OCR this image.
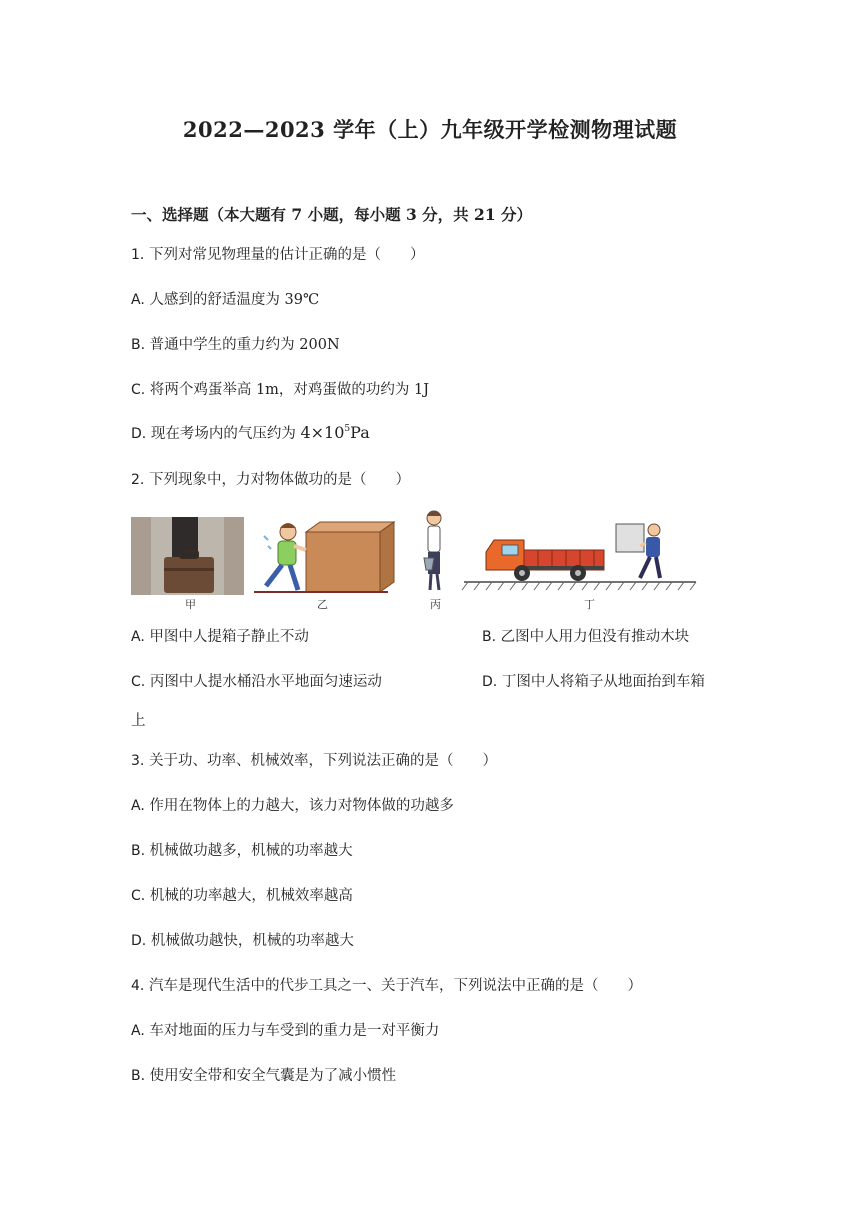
2022—2023 学年（上）九年级开学检测物理试题
一、选择题（本大题有 7 小题，每小题 3 分，共 21 分）
1. 下列对常见物理量的估计正确的是（　　）
A. 人感到的舒适温度为 39℃
B. 普通中学生的重力约为 200N
C. 将两个鸡蛋举高 1m，对鸡蛋做的功约为 1J
D. 现在考场内的气压约为 $4\times 10^5Pa$
2. 下列现象中，力对物体做功的是（　　）
甲	乙	丙	丁
A. 甲图中人提箱子静止不动	B. 乙图中人用力但没有推动木块
C. 丙图中人提水桶沿水平地面匀速运动	D. 丁图中人将箱子从地面抬到车箱
上
3. 关于功、功率、机械效率，下列说法正确的是（　　）
A. 作用在物体上的力越大，该力对物体做的功越多
B. 机械做功越多，机械的功率越大
C. 机械的功率越大，机械效率越高
D. 机械做功越快，机械的功率越大
4. 汽车是现代生活中的代步工具之一、关于汽车，下列说法中正确的是（　　）
A. 车对地面的压力与车受到的重力是一对平衡力
B. 使用安全带和安全气囊是为了减小惯性
